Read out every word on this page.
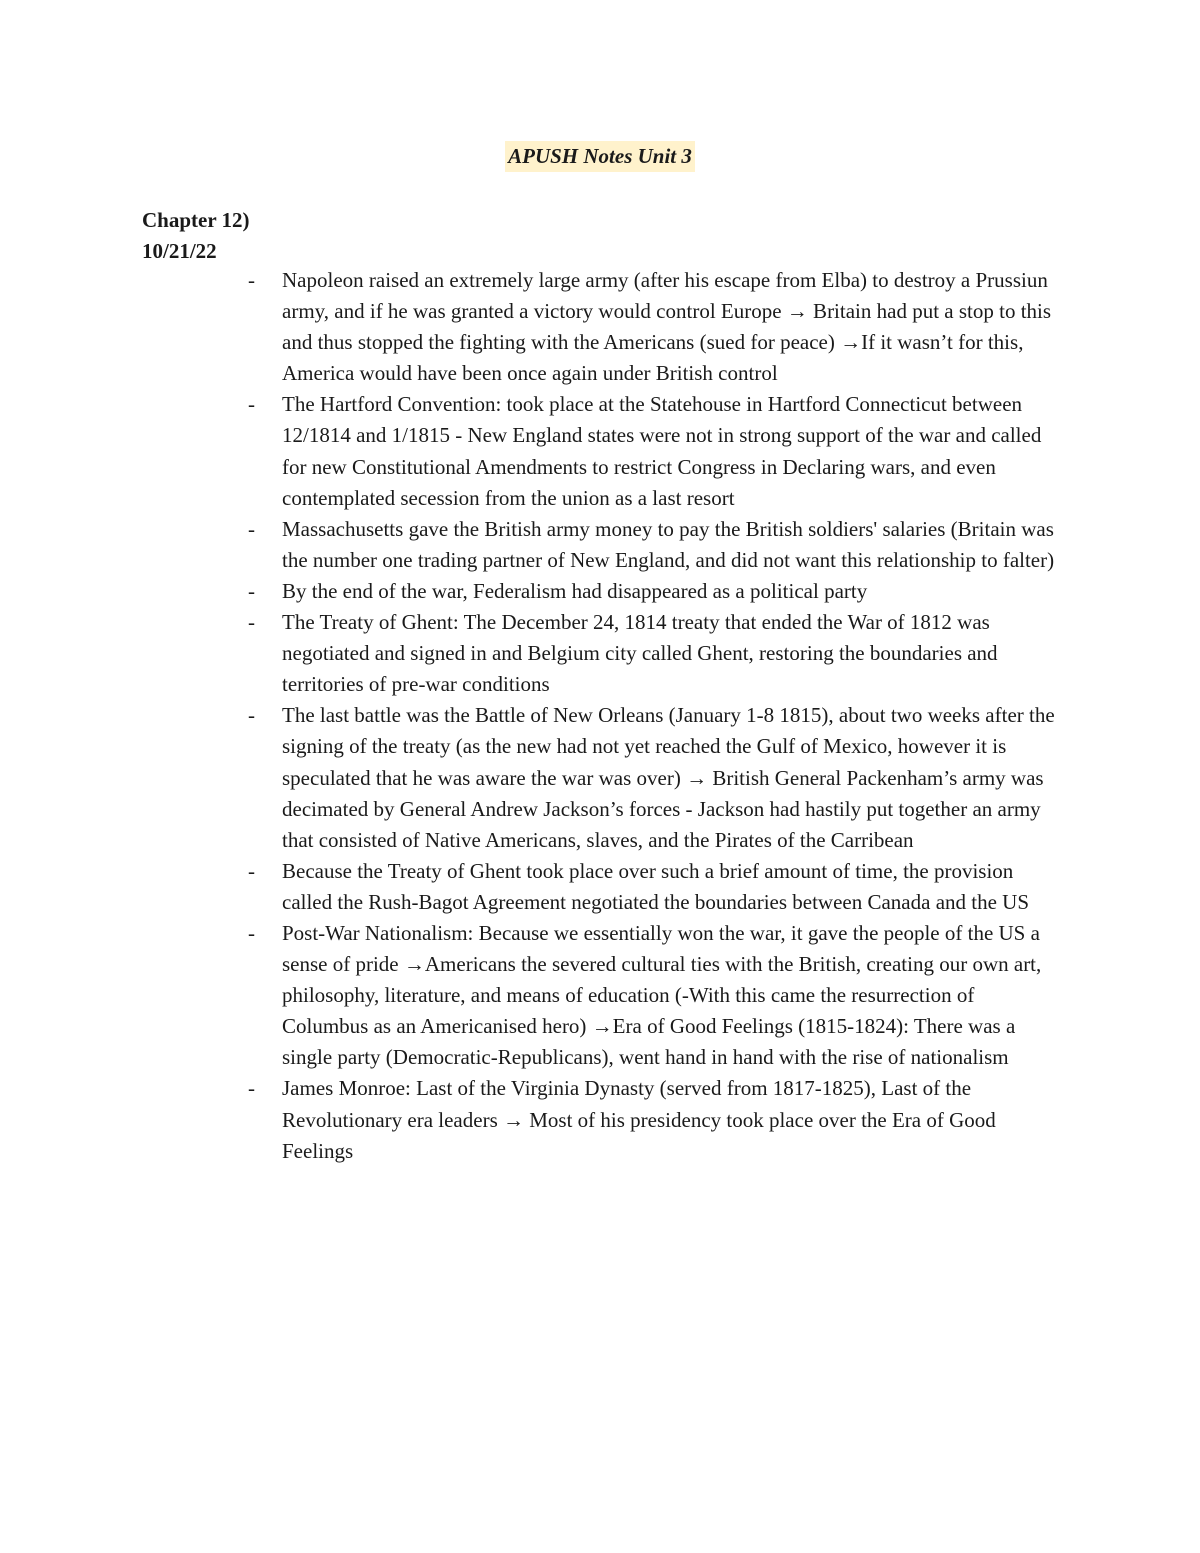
APUSH Notes Unit 3
Chapter 12)
10/21/22
- Napoleon raised an extremely large army (after his escape from Elba) to destroy a Prussiun army, and if he was granted a victory would control Europe → Britain had put a stop to this and thus stopped the fighting with the Americans (sued for peace) →If it wasn’t for this, America would have been once again under British control
- The Hartford Convention: took place at the Statehouse in Hartford Connecticut between 12/1814 and 1/1815 - New England states were not in strong support of the war and called for new Constitutional Amendments to restrict Congress in Declaring wars, and even contemplated secession from the union as a last resort
- Massachusetts gave the British army money to pay the British soldiers' salaries (Britain was the number one trading partner of New England, and did not want this relationship to falter)
- By the end of the war, Federalism had disappeared as a political party
- The Treaty of Ghent: The December 24, 1814 treaty that ended the War of 1812 was negotiated and signed in and Belgium city called Ghent, restoring the boundaries and territories of pre-war conditions
- The last battle was the Battle of New Orleans (January 1-8 1815), about two weeks after the signing of the treaty (as the new had not yet reached the Gulf of Mexico, however it is speculated that he was aware the war was over) → British General Packenham’s army was decimated by General Andrew Jackson’s forces - Jackson had hastily put together an army that consisted of Native Americans, slaves, and the Pirates of the Carribean
- Because the Treaty of Ghent took place over such a brief amount of time, the provision called the Rush-Bagot Agreement negotiated the boundaries between Canada and the US
- Post-War Nationalism: Because we essentially won the war, it gave the people of the US a sense of pride →Americans the severed cultural ties with the British, creating our own art, philosophy, literature, and means of education (-With this came the resurrection of Columbus as an Americanised hero) →Era of Good Feelings (1815-1824): There was a single party (Democratic-Republicans), went hand in hand with the rise of nationalism
- James Monroe: Last of the Virginia Dynasty (served from 1817-1825), Last of the Revolutionary era leaders → Most of his presidency took place over the Era of Good Feelings
